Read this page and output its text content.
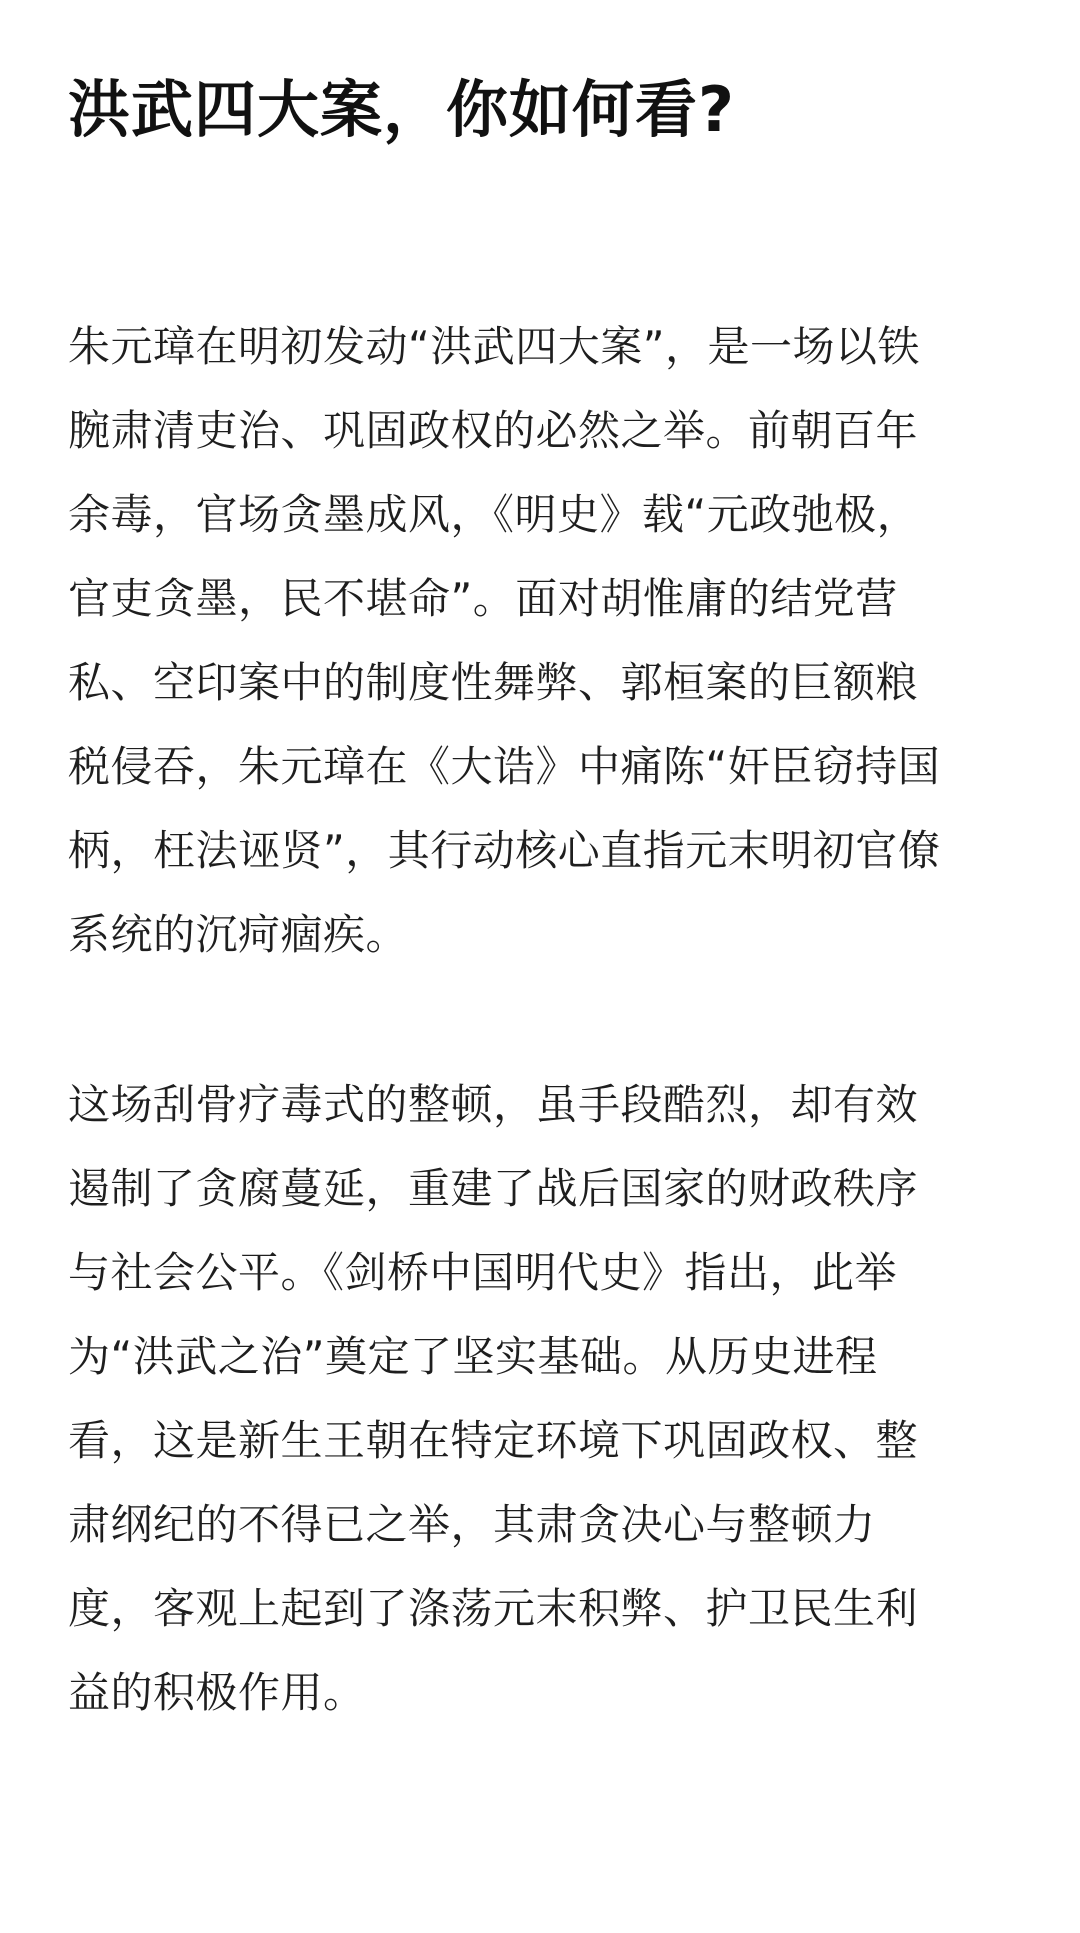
洪武四大案，你如何看?

朱元璋在明初发动“洪武四大案”，是一场以铁
腕肃清吏治、巩固政权的必然之举。前朝百年
余毒，官场贪墨成风，《明史》载“元政弛极，
官吏贪墨，民不堪命”。面对胡惟庸的结党营
私、空印案中的制度性舞弊、郭桓案的巨额粮
税侵吞，朱元璋在《大诰》中痛陈“奸臣窃持国
柄，枉法诬贤”，其行动核心直指元末明初官僚
系统的沉疴痼疾。

这场刮骨疗毒式的整顿，虽手段酷烈，却有效
遏制了贪腐蔓延，重建了战后国家的财政秩序
与社会公平。《剑桥中国明代史》指出，此举
为“洪武之治”奠定了坚实基础。从历史进程
看，这是新生王朝在特定环境下巩固政权、整
肃纲纪的不得已之举，其肃贪决心与整顿力
度，客观上起到了涤荡元末积弊、护卫民生利
益的积极作用。
